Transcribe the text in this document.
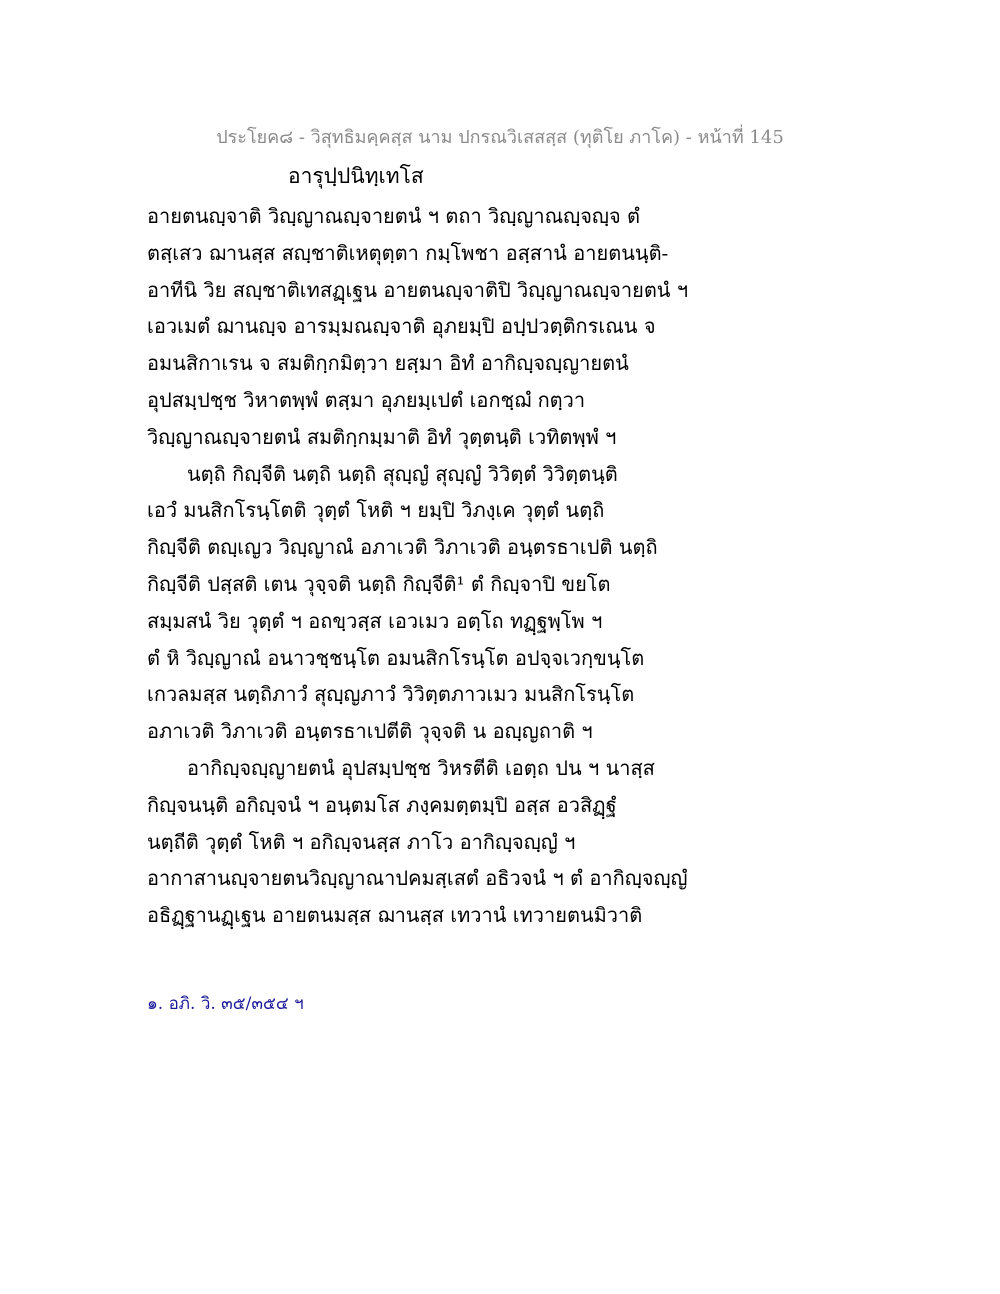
ประโยค๘ - วิสุทธิมคฺคสฺส นาม ปกรณวิเสสสฺส (ทุติโย ภาโค) - หน้าที่ 145
อารุปฺปนิทฺเทโส
อายตนญฺจาติ วิญฺญาณญฺจายตนํ ฯ ตถา วิญฺญาณญฺจญฺจ ตํ
ตสฺเสว ฌานสฺส สญฺชาติเหตุตฺตา กมฺโพชา อสฺสานํ อายตนนฺติ-
อาทีนิ วิย สญฺชาติเทสฏฺเฐน อายตนญฺจาติปิ วิญฺญาณญฺจายตนํ ฯ
เอวเมตํ ฌานญฺจ อารมฺมณญฺจาติ อุภยมฺปิ อปฺปวตฺติกรเณน จ
อมนสิกาเรน จ สมติกฺกมิตฺวา ยสฺมา อิทํ อากิญฺจญฺญายตนํ
อุปสมฺปชฺช วิหาตพฺพํ ตสฺมา อุภยมฺเปตํ เอกชฺฌํ กตฺวา
วิญฺญาณญฺจายตนํ สมติกฺกมฺมาติ อิทํ วุตฺตนฺติ เวทิตพฺพํ ฯ
นตฺถิ กิญฺจีติ นตฺถิ นตฺถิ สุญฺญํ สุญฺญํ วิวิตฺตํ วิวิตฺตนฺติ
เอวํ มนสิกโรนฺโตติ วุตฺตํ โหติ ฯ ยมฺปิ วิภงฺเค วุตฺตํ นตฺถิ
กิญฺจีติ ตญฺเญว วิญฺญาณํ อภาเวติ วิภาเวติ อนฺตรธาเปติ นตฺถิ
กิญฺจีติ ปสฺสติ เตน วุจฺจติ นตฺถิ กิญฺจีติ¹ ตํ กิญฺจาปิ ขยโต
สมฺมสนํ วิย วุตฺตํ ฯ อถขฺวสฺส เอวเมว อตฺโถ ทฏฺฐพฺโพ ฯ
ตํ หิ วิญฺญาณํ อนาวชฺชนฺโต อมนสิกโรนฺโต อปจฺจเวกฺขนฺโต
เกวลมสฺส นตฺถิภาวํ สุญฺญภาวํ วิวิตฺตภาวเมว มนสิกโรนฺโต
อภาเวติ วิภาเวติ อนฺตรธาเปตีติ วุจฺจติ น อญฺญถาติ ฯ
อากิญฺจญฺญายตนํ อุปสมฺปชฺช วิหรตีติ เอตฺถ ปน ฯ นาสฺส
กิญฺจนนฺติ อกิญฺจนํ ฯ อนฺตมโส ภงฺคมตฺตมฺปิ อสฺส อวสิฏฺฐํ
นตฺถีติ วุตฺตํ โหติ ฯ อกิญฺจนสฺส ภาโว อากิญฺจญฺญํ ฯ
อากาสานญฺจายตนวิญฺญาณาปคมสฺเสตํ อธิวจนํ ฯ ตํ อากิญฺจญฺญํ
อธิฏฺฐานฏฺเฐน อายตนมสฺส ฌานสฺส เทวานํ เทวายตนมิวาติ
๑. อภิ. วิ. ๓๕/๓๕๔ ฯ
